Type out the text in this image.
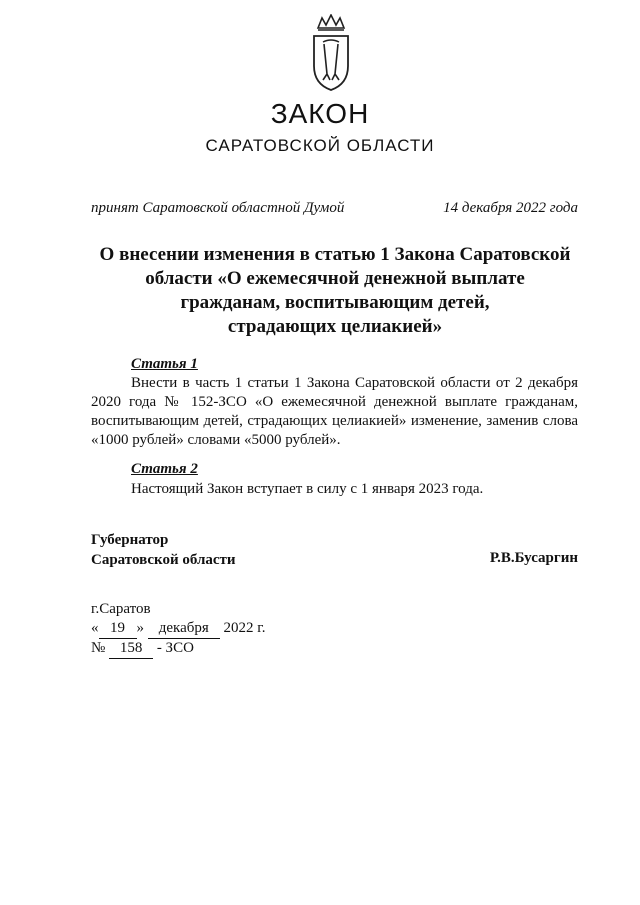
ЗАКОН
САРАТОВСКОЙ ОБЛАСТИ
принят Саратовской областной Думой	14 декабря 2022 года
О внесении изменения в статью 1 Закона Саратовской
области «О ежемесячной денежной выплате
гражданам, воспитывающим детей,
страдающих целиакией»
Статья 1
Внести в часть 1 статьи 1 Закона Саратовской области от 2 декабря 2020 года № 152-ЗСО «О ежемесячной денежной выплате гражданам, воспитывающим детей, страдающих целиакией» изменение, заменив слова «1000 рублей» словами «5000 рублей».
Статья 2
Настоящий Закон вступает в силу с 1 января 2023 года.
Губернатор
Саратовской области	Р.В.Бусаргин
г.Саратов
« 19 » декабря 2022 г.
№ 158 - ЗСО
